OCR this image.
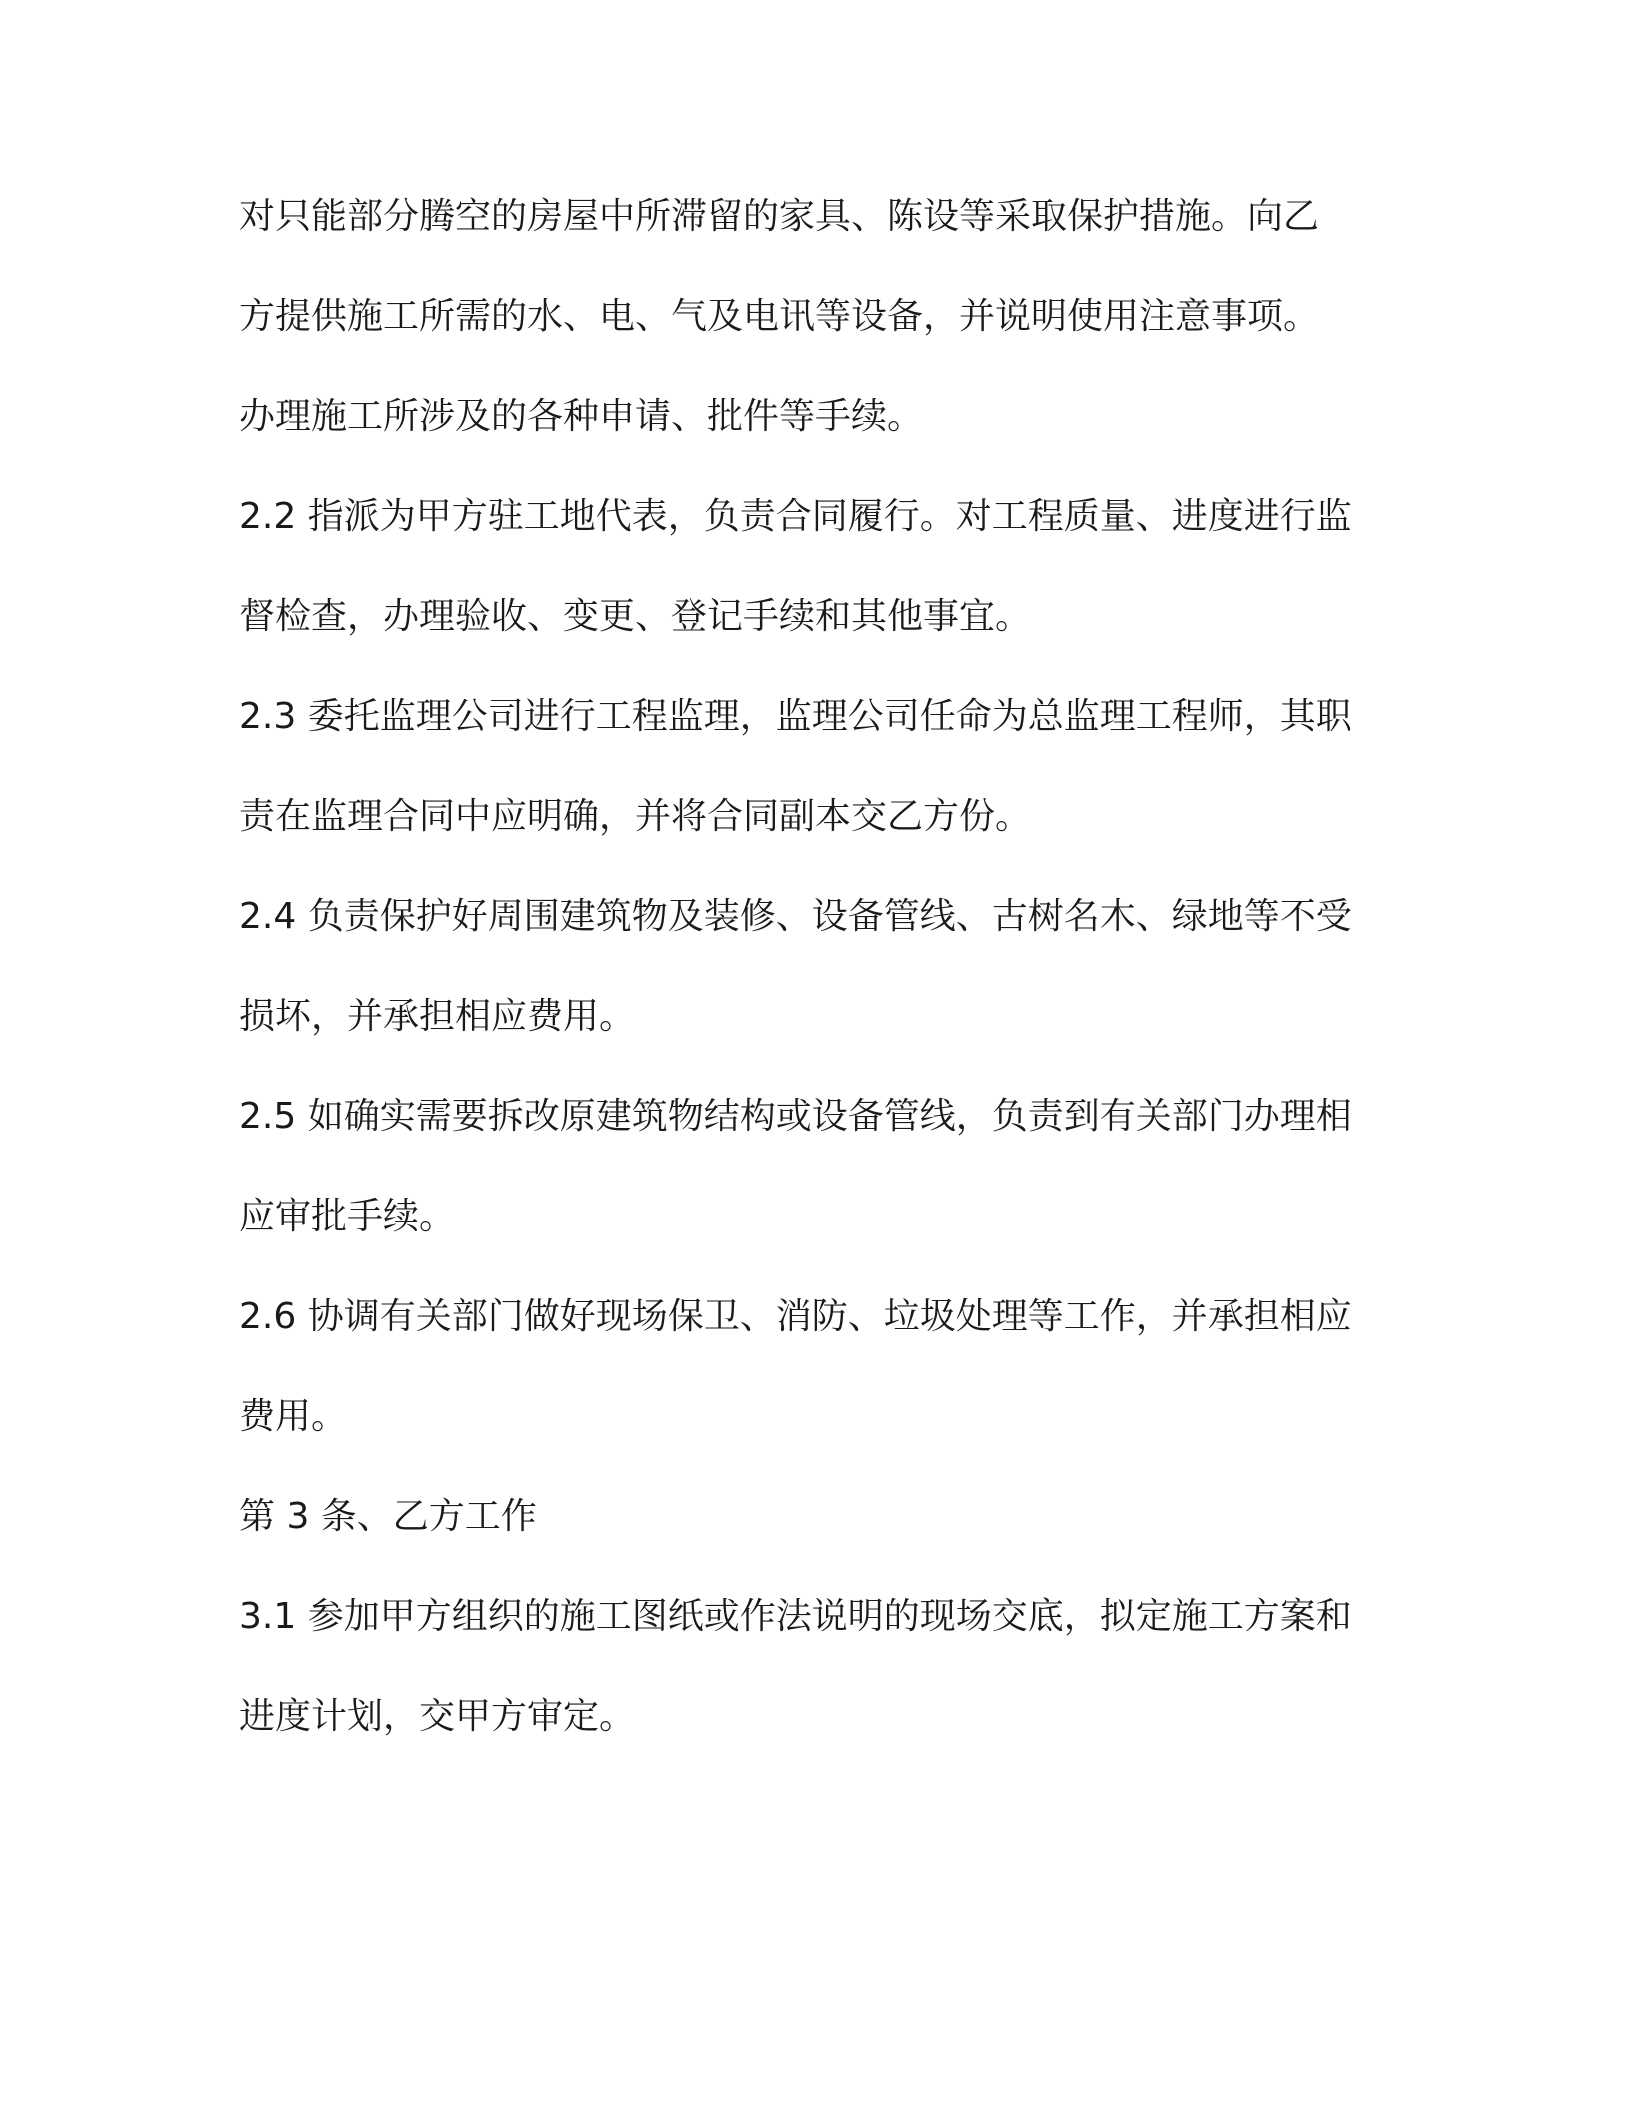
对只能部分腾空的房屋中所滞留的家具、陈设等采取保护措施。向乙
方提供施工所需的水、电、气及电讯等设备，并说明使用注意事项。
办理施工所涉及的各种申请、批件等手续。
2.2 指派为甲方驻工地代表，负责合同履行。对工程质量、进度进行监
督检查，办理验收、变更、登记手续和其他事宜。
2.3 委托监理公司进行工程监理，监理公司任命为总监理工程师，其职
责在监理合同中应明确，并将合同副本交乙方份。
2.4 负责保护好周围建筑物及装修、设备管线、古树名木、绿地等不受
损坏，并承担相应费用。
2.5 如确实需要拆改原建筑物结构或设备管线，负责到有关部门办理相
应审批手续。
2.6 协调有关部门做好现场保卫、消防、垃圾处理等工作，并承担相应
费用。
第 3 条、乙方工作
3.1 参加甲方组织的施工图纸或作法说明的现场交底，拟定施工方案和
进度计划，交甲方审定。
